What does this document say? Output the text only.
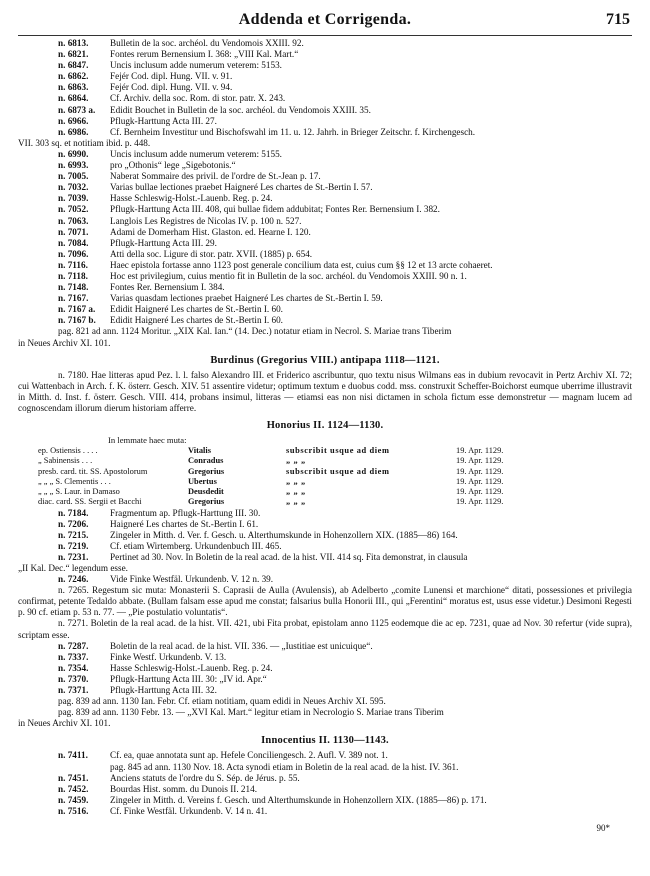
Addenda et Corrigenda.	715
n. 6813.	Bulletin de la soc. archéol. du Vendomois XXIII. 92.
n. 6821.	Fontes rerum Bernensium I. 368: „VIII Kal. Mart.“
n. 6847.	Uncis inclusum adde numerum veterem: 5153.
n. 6862.	Fejér Cod. dipl. Hung. VII. v. 91.
n. 6863.	Fejér Cod. dipl. Hung. VII. v. 94.
n. 6864.	Cf. Archiv. della soc. Rom. di stor. patr. X. 243.
n. 6873 a.	Edidit Bouchet in Bulletin de la soc. archéol. du Vendomois XXIII. 35.
n. 6966.	Pflugk-Harttung Acta III. 27.
n. 6986.	Cf. Bernheim Investitur und Bischofswahl im 11. u. 12. Jahrh. in Brieger Zeitschr. f. Kirchengesch.
VII. 303 sq. et notitiam ibid. p. 448.
n. 6990.	Uncis inclusum adde numerum veterem: 5155.
n. 6993.	pro „Othonis“ lege „Sigebotonis.“
n. 7005.	Naberat Sommaire des privil. de l'ordre de St.-Jean p. 17.
n. 7032.	Varias bullae lectiones praebet Haigneré Les chartes de St.-Bertin I. 57.
n. 7039.	Hasse Schleswig-Holst.-Lauenb. Reg. p. 24.
n. 7052.	Pflugk-Harttung Acta III. 408, qui bullae fidem addubitat; Fontes Rer. Bernensium I. 382.
n. 7063.	Langlois Les Registres de Nicolas IV. p. 100 n. 527.
n. 7071.	Adami de Domerham Hist. Glaston. ed. Hearne I. 120.
n. 7084.	Pflugk-Harttung Acta III. 29.
n. 7096.	Atti della soc. Ligure di stor. patr. XVII. (1885) p. 654.
n. 7116.	Haec epistola fortasse anno 1123 post generale concilium data est, cuius cum §§ 12 et 13 arcte cohaeret.
n. 7118.	Hoc est privilegium, cuius mentio fit in Bulletin de la soc. archéol. du Vendomois XXIII. 90 n. 1.
n. 7148.	Fontes Rer. Bernensium I. 384.
n. 7167.	Varias quasdam lectiones praebet Haigneré Les chartes de St.-Bertin I. 59.
n. 7167 a.	Edidit Haigneré Les chartes de St.-Bertin I. 60.
n. 7167 b.	Edidit Haigneré Les chartes de St.-Bertin I. 60.
pag. 821 ad ann. 1124 Moritur. „XIX Kal. Ian.“ (14. Dec.) notatur etiam in Necrol. S. Mariae trans Tiberim
in Neues Archiv XI. 101.
Burdinus (Gregorius VIII.) antipapa 1118—1121.
n. 7180. Hae litteras apud Pez. l. l. falso Alexandro III. et Friderico ascribuntur, quo textu nisus Wilmans eas in dubium revocavit in Pertz Archiv XI. 72; cui Wattenbach in Arch. f. K. österr. Gesch. XIV. 51 assentire videtur; optimum textum e duobus codd. mss. construxit Scheffer-Boichorst eumque uberrime illustravit in Mitth. d. Inst. f. österr. Gesch. VIII. 414, probans insimul, litteras — etiamsi eas non nisi dictamen in schola fictum esse demonstretur — magnam lucem ad cognoscendam illorum dierum historiam afferre.
Honorius II. 1124—1130.
In lemmate haec muta:
ep. Ostiensis . . . .	Vitalis	subscribit usque ad diem	19. Apr. 1129.
„ Sabinensis . . .	Conradus	„ „ „	19. Apr. 1129.
presb. card. tit. SS. Apostolorum	Gregorius	subscribit usque ad diem	19. Apr. 1129.
„ „ „ S. Clementis . . .	Ubertus	„ „ „	19. Apr. 1129.
„ „ „ S. Laur. in Damaso	Deusdedit	„ „ „	19. Apr. 1129.
diac. card. SS. Sergii et Bacchi	Gregorius	„ „ „	19. Apr. 1129.
n. 7184.	Fragmentum ap. Pflugk-Harttung III. 30.
n. 7206.	Haigneré Les chartes de St.-Bertin I. 61.
n. 7215.	Zingeler in Mitth. d. Ver. f. Gesch. u. Alterthumskunde in Hohenzollern XIX. (1885—86) 164.
n. 7219.	Cf. etiam Wirtemberg. Urkundenbuch III. 465.
n. 7231.	Pertinet ad 30. Nov. In Boletin de la real acad. de la hist. VII. 414 sq. Fita demonstrat, in clausula
„II Kal. Dec.“ legendum esse.
n. 7246.	Vide Finke Westfäl. Urkundenb. V. 12 n. 39.
n. 7265. Regestum sic muta: Monasterii S. Caprasii de Aulla (Avulensis), ab Adelberto „comite Lunensi et marchione“ ditati, possessiones et privilegia confirmat, petente Tedaldo abbate. (Bullam falsam esse apud me constat; falsarius bulla Honorii III., qui „Ferentini“ moratus est, usus esse videtur.) Desimoni Regesti p. 90 cf. etiam p. 53 n. 77. — „Pie postulatio voluntatis“.
n. 7271. Boletin de la real acad. de la hist. VII. 421, ubi Fita probat, epistolam anno 1125 eodemque die ac ep. 7231, quae ad Nov. 30 refertur (vide supra), scriptam esse.
n. 7287.	Boletin de la real acad. de la hist. VII. 336. — „Iustitiae est unicuique“.
n. 7337.	Finke Westf. Urkundenb. V. 13.
n. 7354.	Hasse Schleswig-Holst.-Lauenb. Reg. p. 24.
n. 7370.	Pflugk-Harttung Acta III. 30: „IV id. Apr.“
n. 7371.	Pflugk-Harttung Acta III. 32.
pag. 839 ad ann. 1130 Ian. Febr. Cf. etiam notitiam, quam edidi in Neues Archiv XI. 595.
pag. 839 ad ann. 1130 Febr. 13. — „XVI Kal. Mart.“ legitur etiam in Necrologio S. Mariae trans Tiberim
in Neues Archiv XI. 101.
Innocentius II. 1130—1143.
n. 7411.	Cf. ea, quae annotata sunt ap. Hefele Conciliengesch. 2. Aufl. V. 389 not. 1.
pag. 845 ad ann. 1130 Nov. 18. Acta synodi etiam in Boletin de la real acad. de la hist. IV. 361.
n. 7451.	Anciens statuts de l'ordre du S. Sép. de Jérus. p. 55.
n. 7452.	Bourdas Hist. somm. du Dunois II. 214.
n. 7459.	Zingeler in Mitth. d. Vereins f. Gesch. und Alterthumskunde in Hohenzollern XIX. (1885—86) p. 171.
n. 7516.	Cf. Finke Westfäl. Urkundenb. V. 14 n. 41.
90*
